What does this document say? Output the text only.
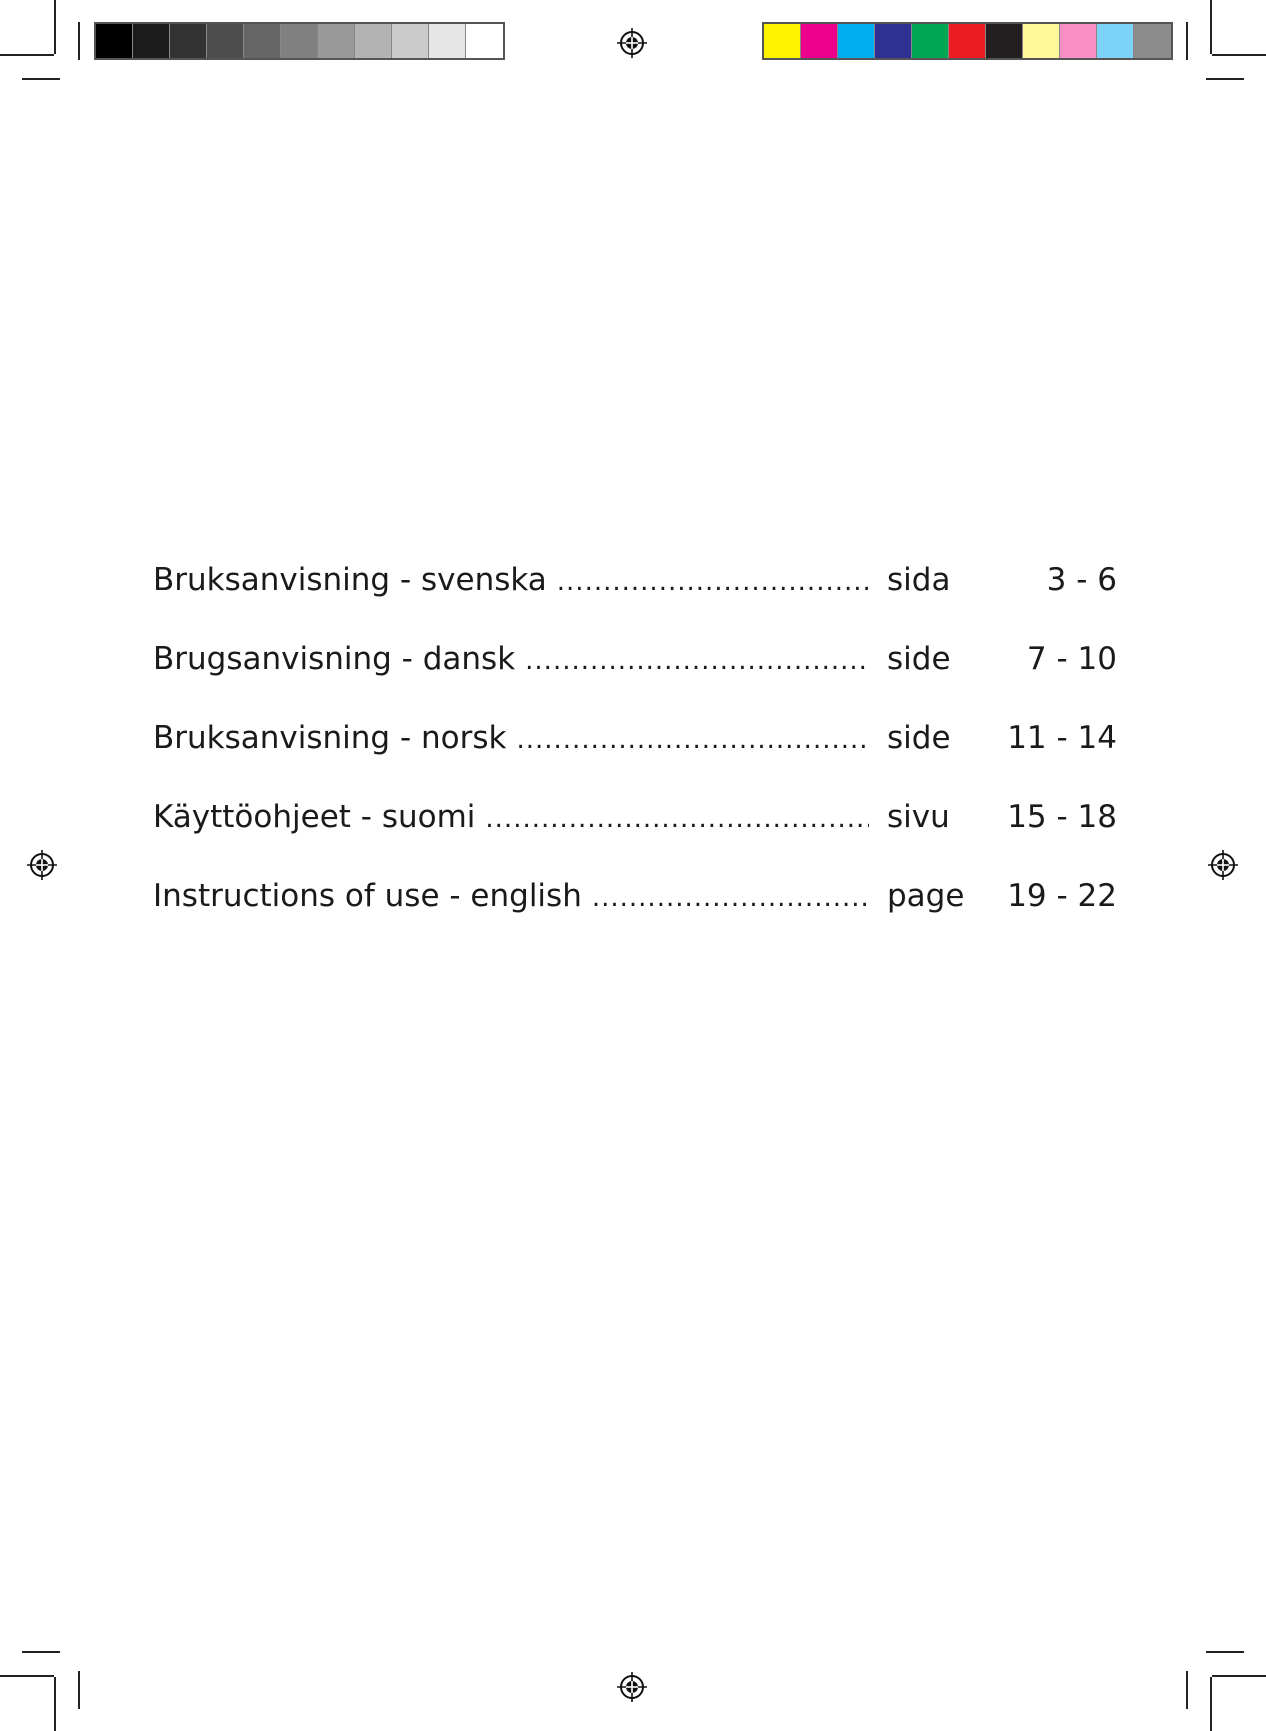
Bruksanvisning - svenska .....	sida	3 - 6
Brugsanvisning - dansk .....	side	7 - 10
Bruksanvisning - norsk .....	side	11 - 14
Käyttöohjeet - suomi .....	sivu	15 - 18
Instructions of use - english .....	page	19 - 22
